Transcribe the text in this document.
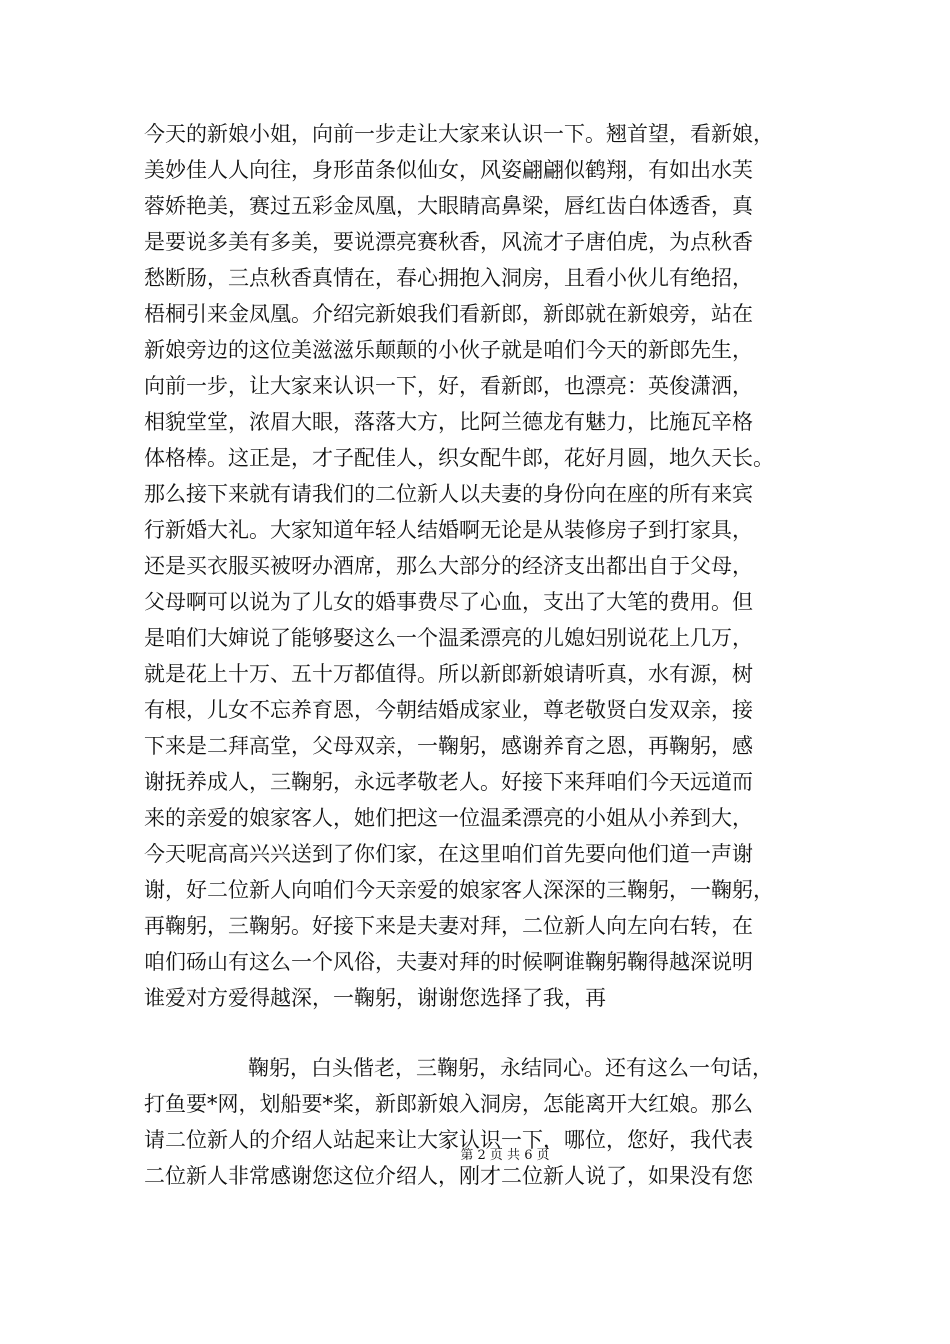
今天的新娘小姐，向前一步走让大家来认识一下。翘首望，看新娘，
美妙佳人人向往，身形苗条似仙女，风姿翩翩似鹤翔，有如出水芙
蓉娇艳美，赛过五彩金凤凰，大眼睛高鼻梁，唇红齿白体透香，真
是要说多美有多美，要说漂亮赛秋香，风流才子唐伯虎，为点秋香
愁断肠，三点秋香真情在，春心拥抱入洞房，且看小伙儿有绝招，
梧桐引来金凤凰。介绍完新娘我们看新郎，新郎就在新娘旁，站在
新娘旁边的这位美滋滋乐颠颠的小伙子就是咱们今天的新郎先生，
向前一步，让大家来认识一下，好，看新郎，也漂亮：英俊潇洒，
相貌堂堂，浓眉大眼，落落大方，比阿兰德龙有魅力，比施瓦辛格
体格棒。这正是，才子配佳人，织女配牛郎，花好月圆，地久天长。
那么接下来就有请我们的二位新人以夫妻的身份向在座的所有来宾
行新婚大礼。大家知道年轻人结婚啊无论是从装修房子到打家具，
还是买衣服买被呀办酒席，那么大部分的经济支出都出自于父母，
父母啊可以说为了儿女的婚事费尽了心血，支出了大笔的费用。但
是咱们大婶说了能够娶这么一个温柔漂亮的儿媳妇别说花上几万，
就是花上十万、五十万都值得。所以新郎新娘请听真，水有源，树
有根，儿女不忘养育恩，今朝结婚成家业，尊老敬贤白发双亲，接
下来是二拜高堂，父母双亲，一鞠躬，感谢养育之恩，再鞠躬，感
谢抚养成人，三鞠躬，永远孝敬老人。好接下来拜咱们今天远道而
来的亲爱的娘家客人，她们把这一位温柔漂亮的小姐从小养到大，
今天呢高高兴兴送到了你们家，在这里咱们首先要向他们道一声谢
谢，好二位新人向咱们今天亲爱的娘家客人深深的三鞠躬，一鞠躬，
再鞠躬，三鞠躬。好接下来是夫妻对拜，二位新人向左向右转，在
咱们砀山有这么一个风俗，夫妻对拜的时候啊谁鞠躬鞠得越深说明
谁爱对方爱得越深，一鞠躬，谢谢您选择了我，再
鞠躬，白头偕老，三鞠躬，永结同心。还有这么一句话，
打鱼要*网，划船要*桨，新郎新娘入洞房，怎能离开大红娘。那么
请二位新人的介绍人站起来让大家认识一下，哪位，您好，我代表
二位新人非常感谢您这位介绍人，刚才二位新人说了，如果没有您
第 2 页 共 6 页
